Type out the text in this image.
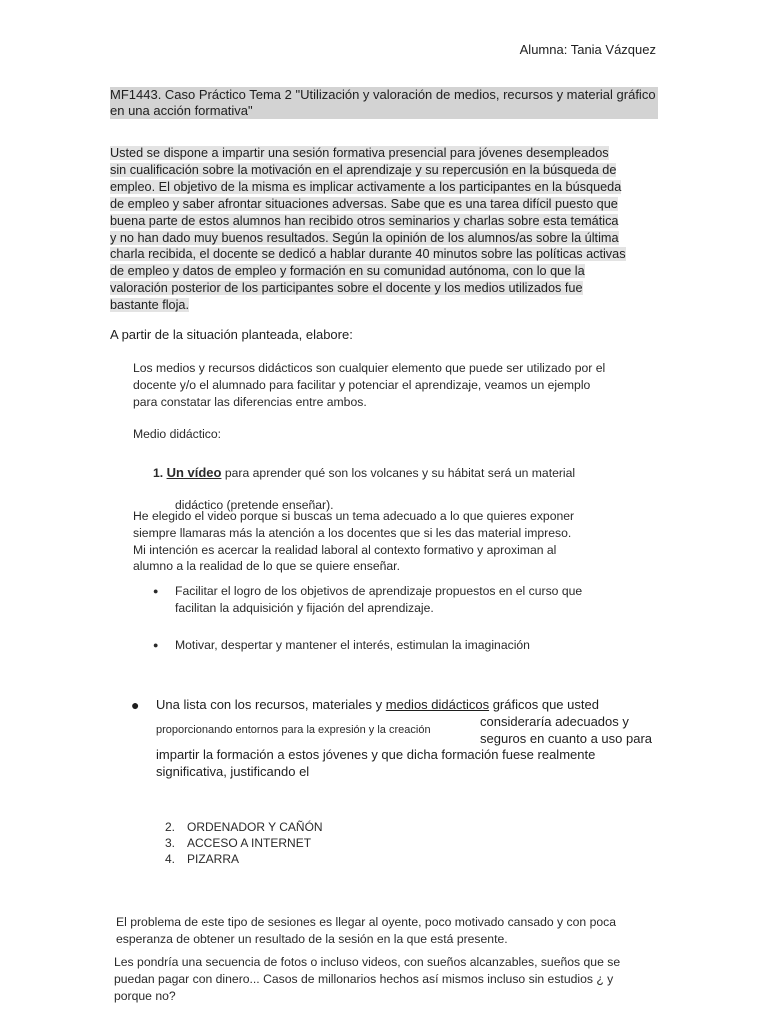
Alumna: Tania Vázquez
MF1443. Caso Práctico Tema 2 "Utilización y valoración de medios, recursos y material gráfico en una acción formativa"
Usted se dispone a impartir una sesión formativa presencial para jóvenes desempleados
sin cualificación sobre la motivación en el aprendizaje y su repercusión en la búsqueda de
empleo. El objetivo de la misma es implicar activamente a los participantes en la búsqueda
de empleo y saber afrontar situaciones adversas. Sabe que es una tarea difícil puesto que
buena parte de estos alumnos han recibido otros seminarios y charlas sobre esta temática
y no han dado muy buenos resultados. Según la opinión de los alumnos/as sobre la última
charla recibida, el docente se dedicó a hablar durante 40 minutos sobre las políticas activas
de empleo y datos de empleo y formación en su comunidad autónoma, con lo que la
valoración posterior de los participantes sobre el docente y los medios utilizados fue
bastante floja.
A partir de la situación planteada, elabore:
Los medios y recursos didácticos son cualquier elemento que puede ser utilizado por el
docente y/o el alumnado para facilitar y potenciar el aprendizaje, veamos un ejemplo
para constatar las diferencias entre ambos.
Medio didáctico:
1. Un vídeo para aprender qué son los volcanes y su hábitat será un material
didáctico (pretende enseñar).
He elegido el video porque si buscas un tema adecuado a lo que quieres exponer
siempre llamaras más la atención a los docentes que si les das material impreso.
Mi intención es acercar la realidad laboral al contexto formativo y aproximan al
alumno a la realidad de lo que se quiere enseñar.
● Facilitar el logro de los objetivos de aprendizaje propuestos en el curso que
facilitan la adquisición y fijación del aprendizaje.
● Motivar, despertar y mantener el interés, estimulan la imaginación
● Una lista con los recursos, materiales y medios didácticos gráficos que usted
proporcionando entornos para la expresión y la creación
consideraría adecuados y
seguros en cuanto a uso para
impartir la formación a estos jóvenes y que dicha formación fuese realmente
significativa, justificando el
2. ORDENADOR Y CAÑÓN
3. ACCESO A INTERNET
4. PIZARRA
El problema de este tipo de sesiones es llegar al oyente, poco motivado cansado y con poca
esperanza de obtener un resultado de la sesión en la que está presente.
Les pondría una secuencia de fotos o incluso videos, con sueños alcanzables, sueños que se
puedan pagar con dinero... Casos de millonarios hechos así mismos incluso sin estudios ¿ y
porque no?
